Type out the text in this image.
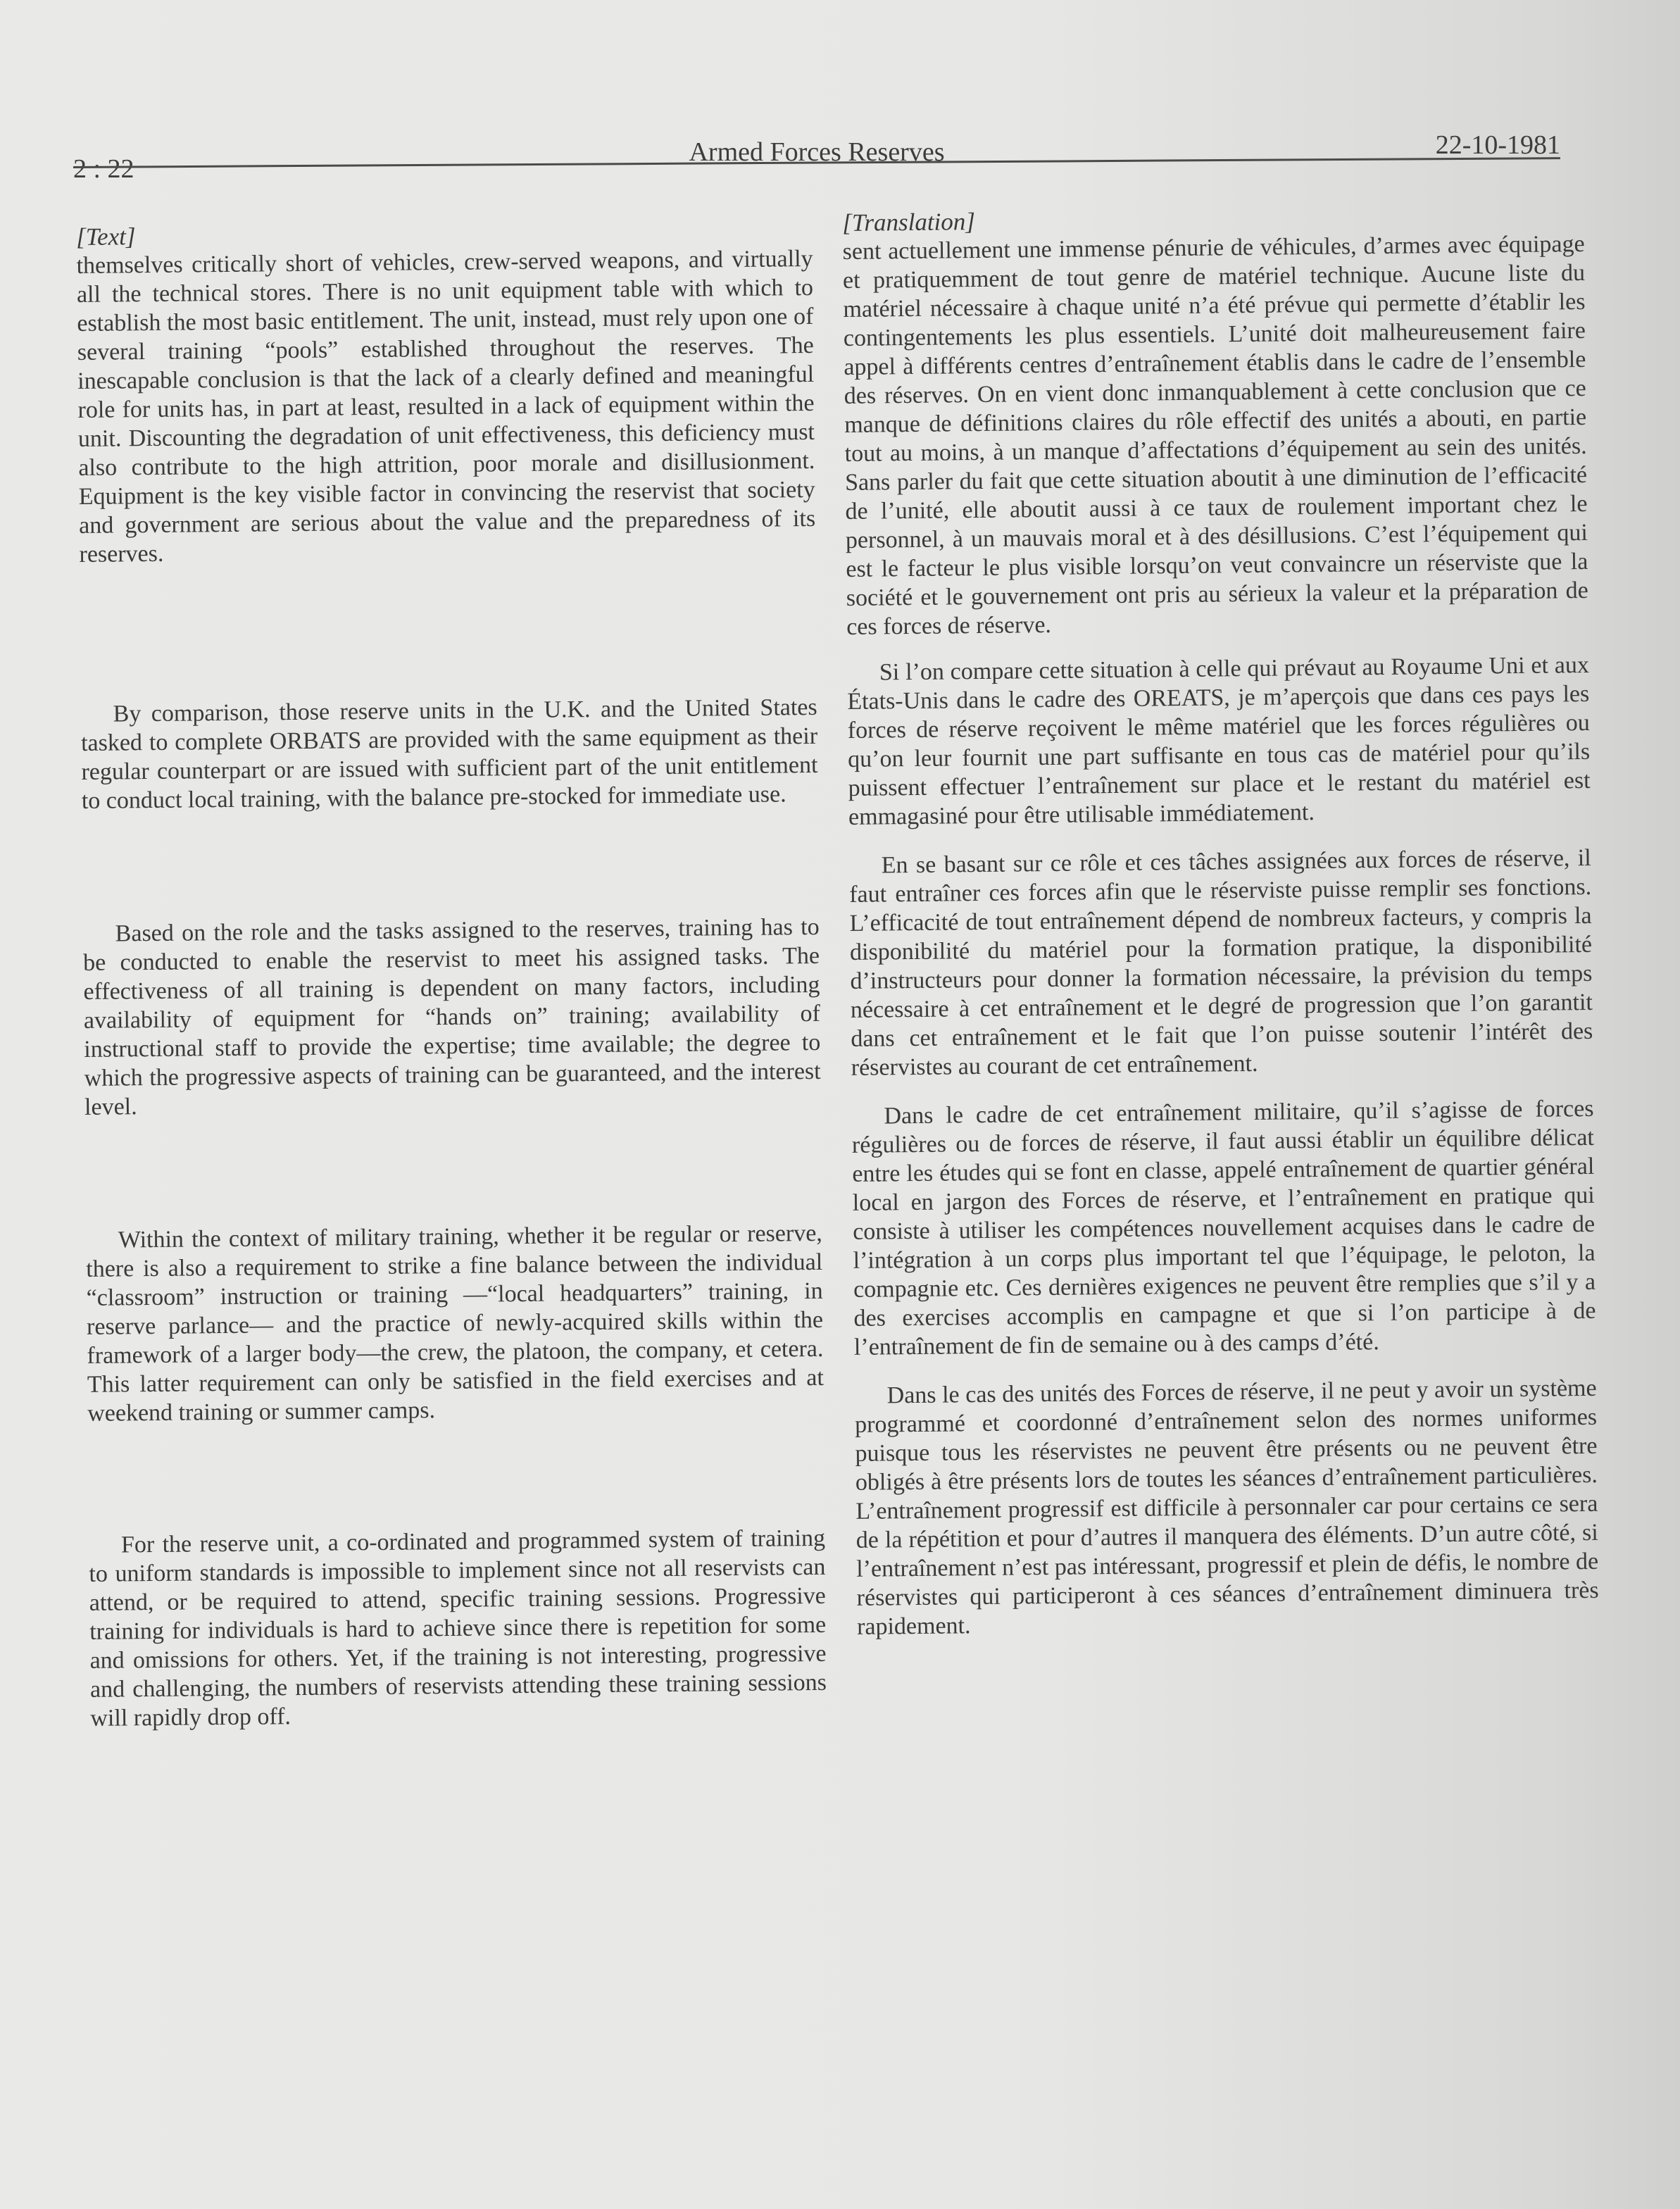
2 : 22
Armed Forces Reserves	22-10-1981

[Text]

themselves critically short of vehicles, crew-served weapons, and virtually all the technical stores. There is no unit equipment table with which to establish the most basic entitlement. The unit, instead, must rely upon one of several training “pools” established throughout the reserves. The inescapable conclusion is that the lack of a clearly defined and meaningful role for units has, in part at least, resulted in a lack of equipment within the unit. Discounting the degradation of unit effectiveness, this deficiency must also contribute to the high attrition, poor morale and disillusionment. Equipment is the key visible factor in convincing the reservist that society and government are serious about the value and the preparedness of its reserves.

By comparison, those reserve units in the U.K. and the United States tasked to complete ORBATS are provided with the same equipment as their regular counterpart or are issued with sufficient part of the unit entitlement to conduct local training, with the balance pre-stocked for immediate use.

Based on the role and the tasks assigned to the reserves, training has to be conducted to enable the reservist to meet his assigned tasks. The effectiveness of all training is dependent on many factors, including availability of equipment for “hands on” training; availability of instructional staff to provide the expertise; time available; the degree to which the progressive aspects of training can be guaranteed, and the interest level.

Within the context of military training, whether it be regular or reserve, there is also a requirement to strike a fine balance between the individual “classroom” instruction or training —“local headquarters” training, in reserve parlance— and the practice of newly-acquired skills within the framework of a larger body—the crew, the platoon, the company, et cetera. This latter requirement can only be satisfied in the field exercises and at weekend training or summer camps.

For the reserve unit, a co-ordinated and programmed system of training to uniform standards is impossible to implement since not all reservists can attend, or be required to attend, specific training sessions. Progressive training for individuals is hard to achieve since there is repetition for some and omissions for others. Yet, if the training is not interesting, progressive and challenging, the numbers of reservists attending these training sessions will rapidly drop off.

[Translation]

sent actuellement une immense pénurie de véhicules, d’armes avec équipage et pratiquemment de tout genre de matériel technique. Aucune liste du matériel nécessaire à chaque unité n’a été prévue qui permette d’établir les contingentements les plus essentiels. L’unité doit malheureusement faire appel à différents centres d’entraînement établis dans le cadre de l’ensemble des réserves. On en vient donc inmanquablement à cette conclusion que ce manque de définitions claires du rôle effectif des unités a abouti, en partie tout au moins, à un manque d’affectations d’équipement au sein des unités. Sans parler du fait que cette situation aboutit à une diminution de l’efficacité de l’unité, elle aboutit aussi à ce taux de roulement important chez le personnel, à un mauvais moral et à des désillusions. C’est l’équipement qui est le facteur le plus visible lorsqu’on veut convaincre un réserviste que la société et le gouvernement ont pris au sérieux la valeur et la préparation de ces forces de réserve.

Si l’on compare cette situation à celle qui prévaut au Royaume Uni et aux États-Unis dans le cadre des OREATS, je m’aperçois que dans ces pays les forces de réserve reçoivent le même matériel que les forces régulières ou qu’on leur fournit une part suffisante en tous cas de matériel pour qu’ils puissent effectuer l’entraînement sur place et le restant du matériel est emmagasiné pour être utilisable immédiatement.

En se basant sur ce rôle et ces tâches assignées aux forces de réserve, il faut entraîner ces forces afin que le réserviste puisse remplir ses fonctions. L’efficacité de tout entraînement dépend de nombreux facteurs, y compris la disponibilité du matériel pour la formation pratique, la disponibilité d’instructeurs pour donner la formation nécessaire, la prévision du temps nécessaire à cet entraînement et le degré de progression que l’on garantit dans cet entraînement et le fait que l’on puisse soutenir l’intérêt des réservistes au courant de cet entraînement.

Dans le cadre de cet entraînement militaire, qu’il s’agisse de forces régulières ou de forces de réserve, il faut aussi établir un équilibre délicat entre les études qui se font en classe, appelé entraînement de quartier général local en jargon des Forces de réserve, et l’entraînement en pratique qui consiste à utiliser les compétences nouvellement acquises dans le cadre de l’intégration à un corps plus important tel que l’équipage, le peloton, la compagnie etc. Ces dernières exigences ne peuvent être remplies que s’il y a des exercises accomplis en campagne et que si l’on participe à de l’entraînement de fin de semaine ou à des camps d’été.

Dans le cas des unités des Forces de réserve, il ne peut y avoir un système programmé et coordonné d’entraînement selon des normes uniformes puisque tous les réservistes ne peuvent être présents ou ne peuvent être obligés à être présents lors de toutes les séances d’entraînement particulières. L’entraînement progressif est difficile à personnaler car pour certains ce sera de la répétition et pour d’autres il manquera des éléments. D’un autre côté, si l’entraînement n’est pas intéressant, progressif et plein de défis, le nombre de réservistes qui participeront à ces séances d’entraînement diminuera très rapidement.
